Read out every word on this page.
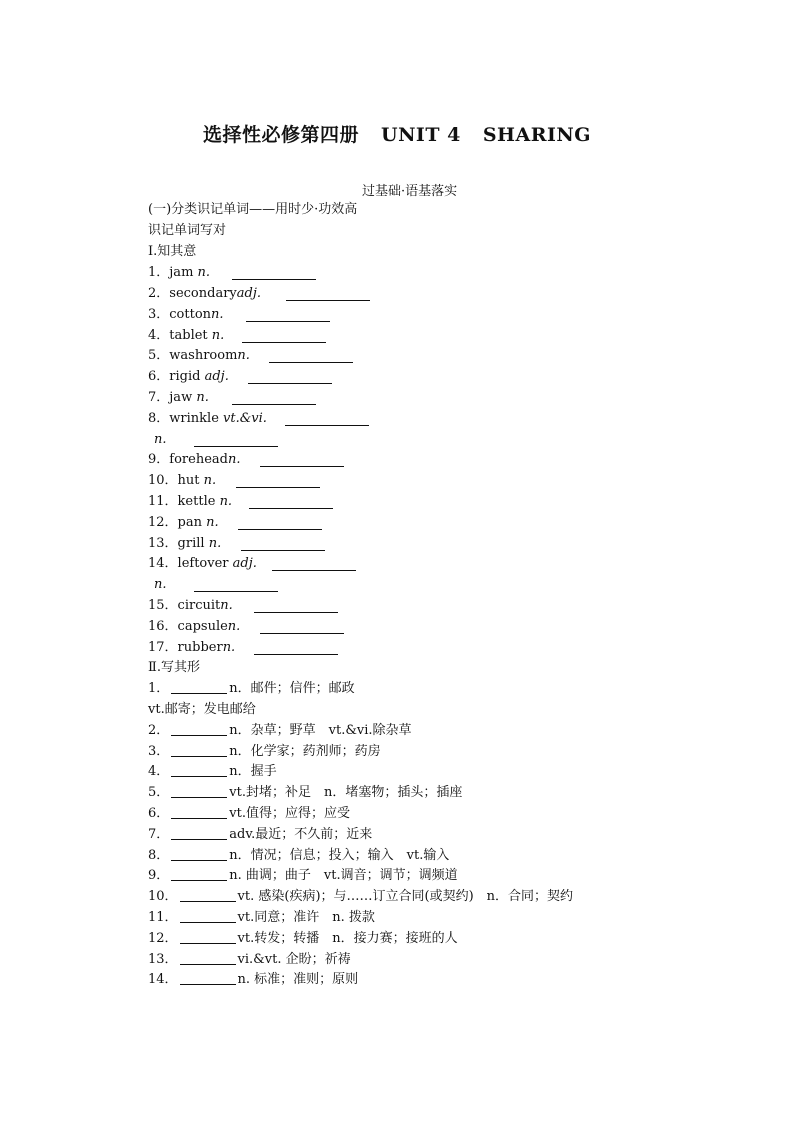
选择性必修第四册 UNIT 4 SHARING
过基础·语基落实
(一)分类识记单词——用时少·功效高
识记单词写对
Ⅰ.知其意
1．jam n.
2．secondaryadj.
3．cottonn.
4．tablet n.
5．washroomn.
6．rigid adj.
7．jaw n.
8．wrinkle vt.&vi.
n.
9．foreheadn.
10．hut n.
11．kettle n.
12．pan n.
13．grill n.
14．leftover adj.
n.
15．circuitn.
16．capsulen.
17．rubbern.
Ⅱ.写其形
1．	n．邮件；信件；邮政
vt.邮寄；发电邮给
2．	n．杂草；野草　vt.&vi.除杂草
3．	n．化学家；药剂师；药房
4．	n．握手
5．	vt.封堵；补足　n．堵塞物；插头；插座
6．	vt.值得；应得；应受
7．	adv.最近；不久前；近来
8．	n．情况；信息；投入；输入　vt.输入
9．	n. 曲调；曲子　vt.调音；调节；调频道
10．	vt. 感染(疾病)；与……订立合同(或契约)　n．合同；契约
11．	vt.同意；准许　n. 拨款
12．	vt.转发；转播　n．接力赛；接班的人
13．	vi.&vt. 企盼；祈祷
14．	n. 标准；准则；原则
